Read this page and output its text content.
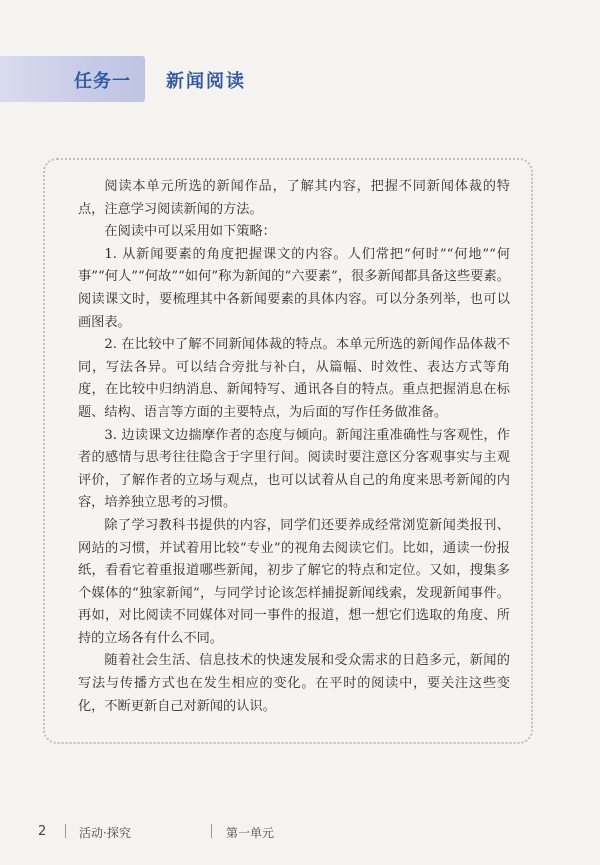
任务一 新闻阅读

阅读本单元所选的新闻作品，了解其内容，把握不同新闻体裁的特点，注意学习阅读新闻的方法。

在阅读中可以采用如下策略：

1. 从新闻要素的角度把握课文的内容。人们常把“何时”“何地”“何事”“何人”“何故”“如何”称为新闻的“六要素”，很多新闻都具备这些要素。阅读课文时，要梳理其中各新闻要素的具体内容。可以分条列举，也可以画图表。

2. 在比较中了解不同新闻体裁的特点。本单元所选的新闻作品体裁不同，写法各异。可以结合旁批与补白，从篇幅、时效性、表达方式等角度，在比较中归纳消息、新闻特写、通讯各自的特点。重点把握消息在标题、结构、语言等方面的主要特点，为后面的写作任务做准备。

3. 边读课文边揣摩作者的态度与倾向。新闻注重准确性与客观性，作者的感情与思考往往隐含于字里行间。阅读时要注意区分客观事实与主观评价，了解作者的立场与观点，也可以试着从自己的角度来思考新闻的内容，培养独立思考的习惯。

除了学习教科书提供的内容，同学们还要养成经常浏览新闻类报刊、网站的习惯，并试着用比较“专业”的视角去阅读它们。比如，通读一份报纸，看看它着重报道哪些新闻，初步了解它的特点和定位。又如，搜集多个媒体的“独家新闻”，与同学讨论该怎样捕捉新闻线索，发现新闻事件。再如，对比阅读不同媒体对同一事件的报道，想一想它们选取的角度、所持的立场各有什么不同。

随着社会生活、信息技术的快速发展和受众需求的日趋多元，新闻的写法与传播方式也在发生相应的变化。在平时的阅读中，要关注这些变化，不断更新自己对新闻的认识。

2	活动·探究	第一单元
